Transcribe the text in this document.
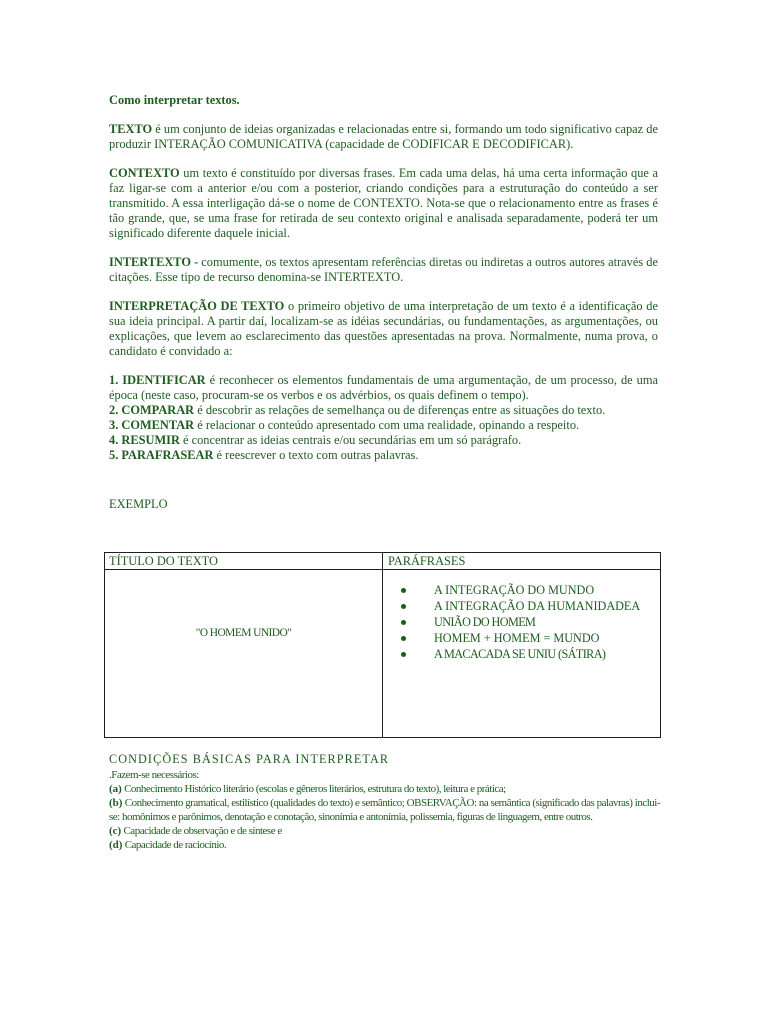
Como interpretar textos.

TEXTO é um conjunto de ideias organizadas e relacionadas entre si, formando um todo significativo capaz de produzir INTERAÇÃO COMUNICATIVA (capacidade de CODIFICAR E DECODIFICAR).

CONTEXTO um texto é constituído por diversas frases. Em cada uma delas, há uma certa informação que a faz ligar-se com a anterior e/ou com a posterior, criando condições para a estruturação do conteúdo a ser transmitido. A essa interligação dá-se o nome de CONTEXTO. Nota-se que o relacionamento entre as frases é tão grande, que, se uma frase for retirada de seu contexto original e analisada separadamente, poderá ter um significado diferente daquele inicial.

INTERTEXTO - comumente, os textos apresentam referências diretas ou indiretas a outros autores através de citações. Esse tipo de recurso denomina-se INTERTEXTO.

INTERPRETAÇÃO DE TEXTO o primeiro objetivo de uma interpretação de um texto é a identificação de sua ideia principal. A partir daí, localizam-se as idéias secundárias, ou fundamentações, as argumentações, ou explicações, que levem ao esclarecimento das questões apresentadas na prova. Normalmente, numa prova, o candidato é convidado a:

1. IDENTIFICAR é reconhecer os elementos fundamentais de uma argumentação, de um processo, de uma época (neste caso, procuram-se os verbos e os advérbios, os quais definem o tempo).
2. COMPARAR é descobrir as relações de semelhança ou de diferenças entre as situações do texto.
3. COMENTAR é relacionar o conteúdo apresentado com uma realidade, opinando a respeito.
4. RESUMIR é concentrar as ideias centrais e/ou secundárias em um só parágrafo.
5. PARAFRASEAR é reescrever o texto com outras palavras.

EXEMPLO

TÍTULO DO TEXTO	PARÁFRASES
"O HOMEM UNIDO"
A INTEGRAÇÃO DO MUNDO
A INTEGRAÇÃO DA HUMANIDADEA
UNIÃO DO HOMEM
HOMEM + HOMEM = MUNDO
A MACACADA SE UNIU (SÁTIRA)
CONDIÇÕES BÁSICAS PARA INTERPRETAR

.Fazem-se necessários:

(a) Conhecimento Histórico literário (escolas e gêneros literários, estrutura do texto), leitura e prática;

(b) Conhecimento gramatical, estilístico (qualidades do texto) e semântico; OBSERVAÇÃO: na semântica (significado das palavras) inclui-se: homônimos e parônimos, denotação e conotação, sinonímia e antonímia, polissemia, figuras de linguagem, entre outros.

(c) Capacidade de observação e de síntese e

(d) Capacidade de raciocínio.
